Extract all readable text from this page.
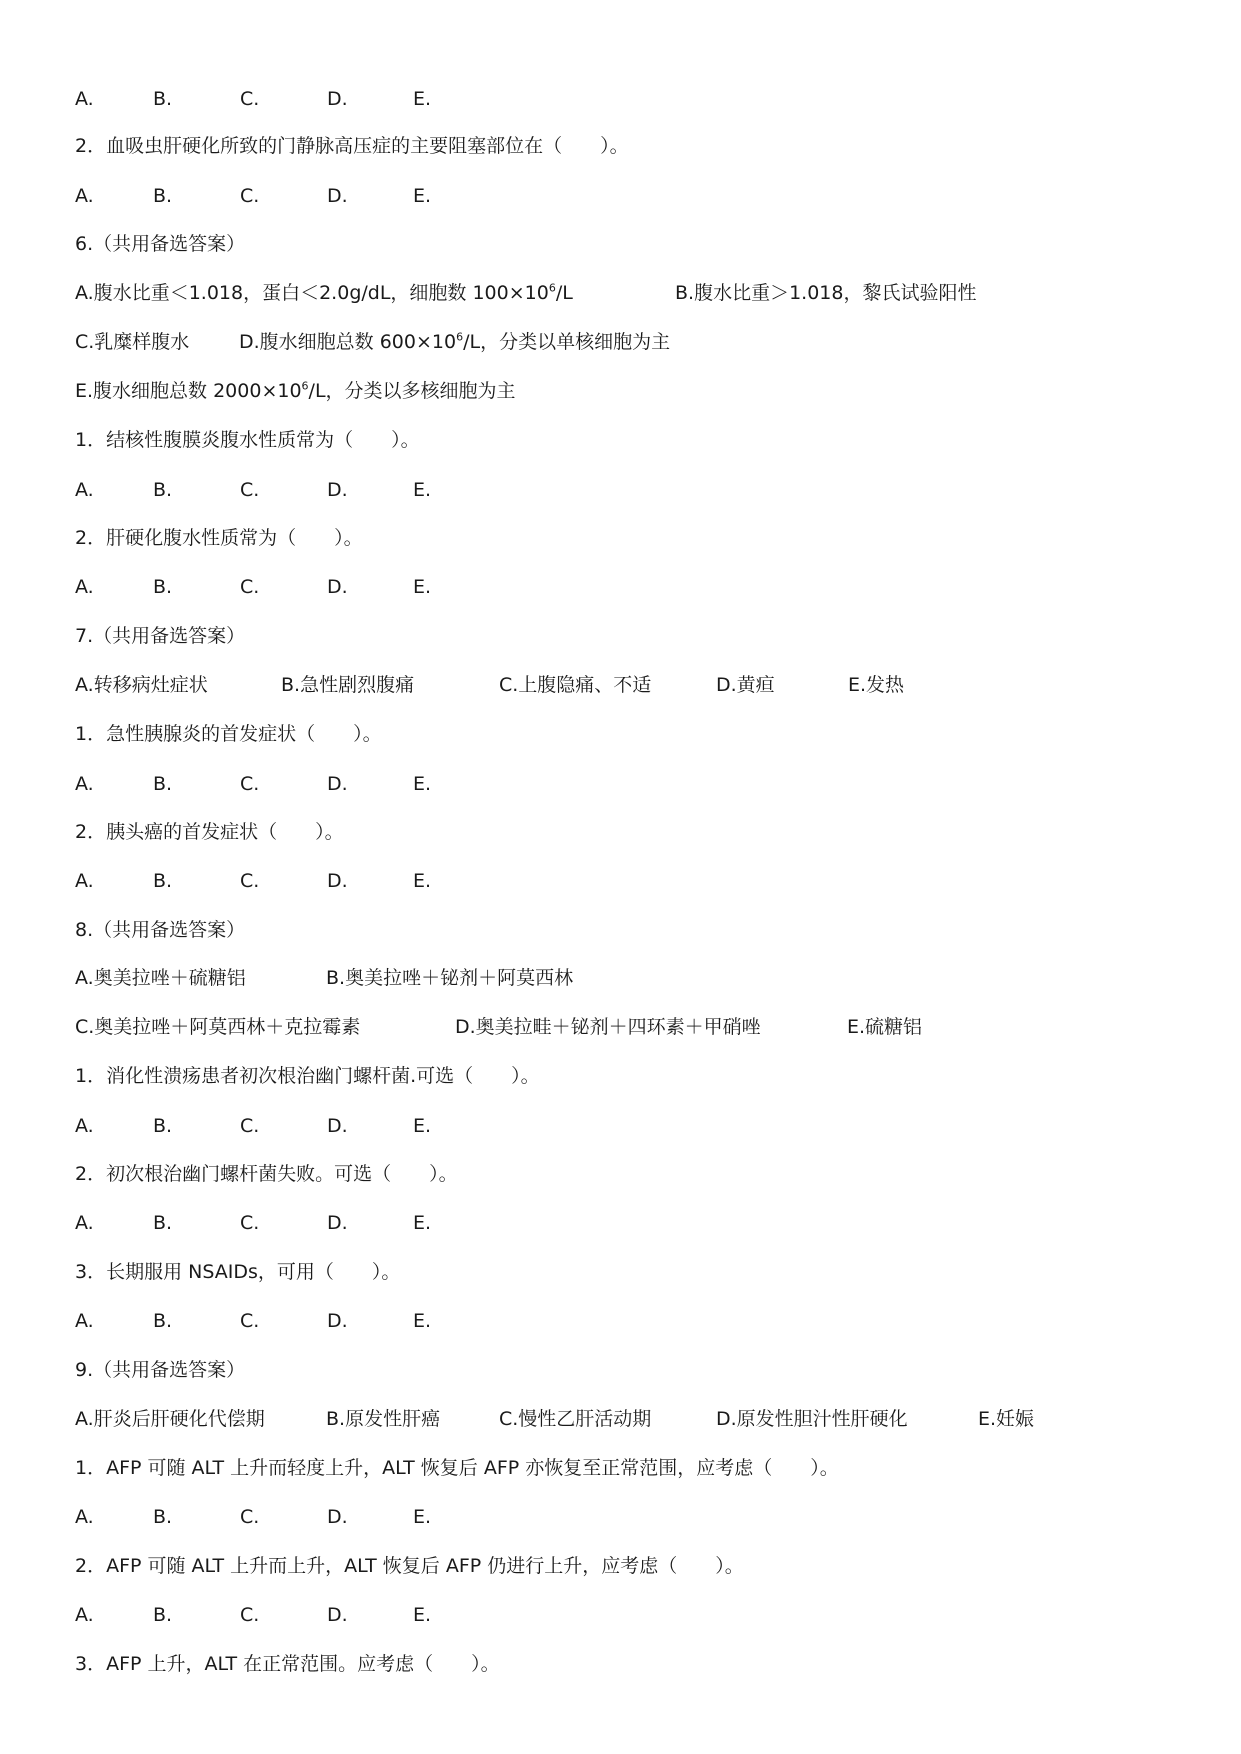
A.	B.	C.	D.	E.
2．血吸虫肝硬化所致的门静脉高压症的主要阻塞部位在（　　）。
A.	B.	C.	D.	E.
6.（共用备选答案）
A.腹水比重＜1.018，蛋白＜2.0g/dL，细胞数 $100\times 10^6/L$	B.腹水比重＞1.018，黎氏试验阳性
C.乳糜样腹水	D.腹水细胞总数 $600\times 10^6/L$，分类以单核细胞为主
E.腹水细胞总数 $2000\times 10^6/L$，分类以多核细胞为主
1．结核性腹膜炎腹水性质常为（　　）。
A.	B.	C.	D.	E.
2．肝硬化腹水性质常为（　　）。
A.	B.	C.	D.	E.
7.（共用备选答案）
A.转移病灶症状	B.急性剧烈腹痛	C.上腹隐痛、不适	D.黄疸	E.发热
1．急性胰腺炎的首发症状（　　）。
A.	B.	C.	D.	E.
2．胰头癌的首发症状（　　）。
A.	B.	C.	D.	E.
8.（共用备选答案）
A.奥美拉唑＋硫糖铝	B.奥美拉唑＋铋剂＋阿莫西林
C.奥美拉唑＋阿莫西林＋克拉霉素	D.奥美拉畦＋铋剂＋四环素＋甲硝唑	E.硫糖铝
1．消化性溃疡患者初次根治幽门螺杆菌.可选（　　）。
A.	B.	C.	D.	E.
2．初次根治幽门螺杆菌失败。可选（　　）。
A.	B.	C.	D.	E.
3．长期服用 NSAIDs，可用（　　）。
A.	B.	C.	D.	E.
9.（共用备选答案）
A.肝炎后肝硬化代偿期	B.原发性肝癌	C.慢性乙肝活动期	D.原发性胆汁性肝硬化	E.妊娠
1．AFP 可随 ALT 上升而轻度上升，ALT 恢复后 AFP 亦恢复至正常范围，应考虑（　　）。
A.	B.	C.	D.	E.
2．AFP 可随 ALT 上升而上升，ALT 恢复后 AFP 仍进行上升，应考虑（　　）。
A.	B.	C.	D.	E.
3．AFP 上升，ALT 在正常范围。应考虑（　　）。
